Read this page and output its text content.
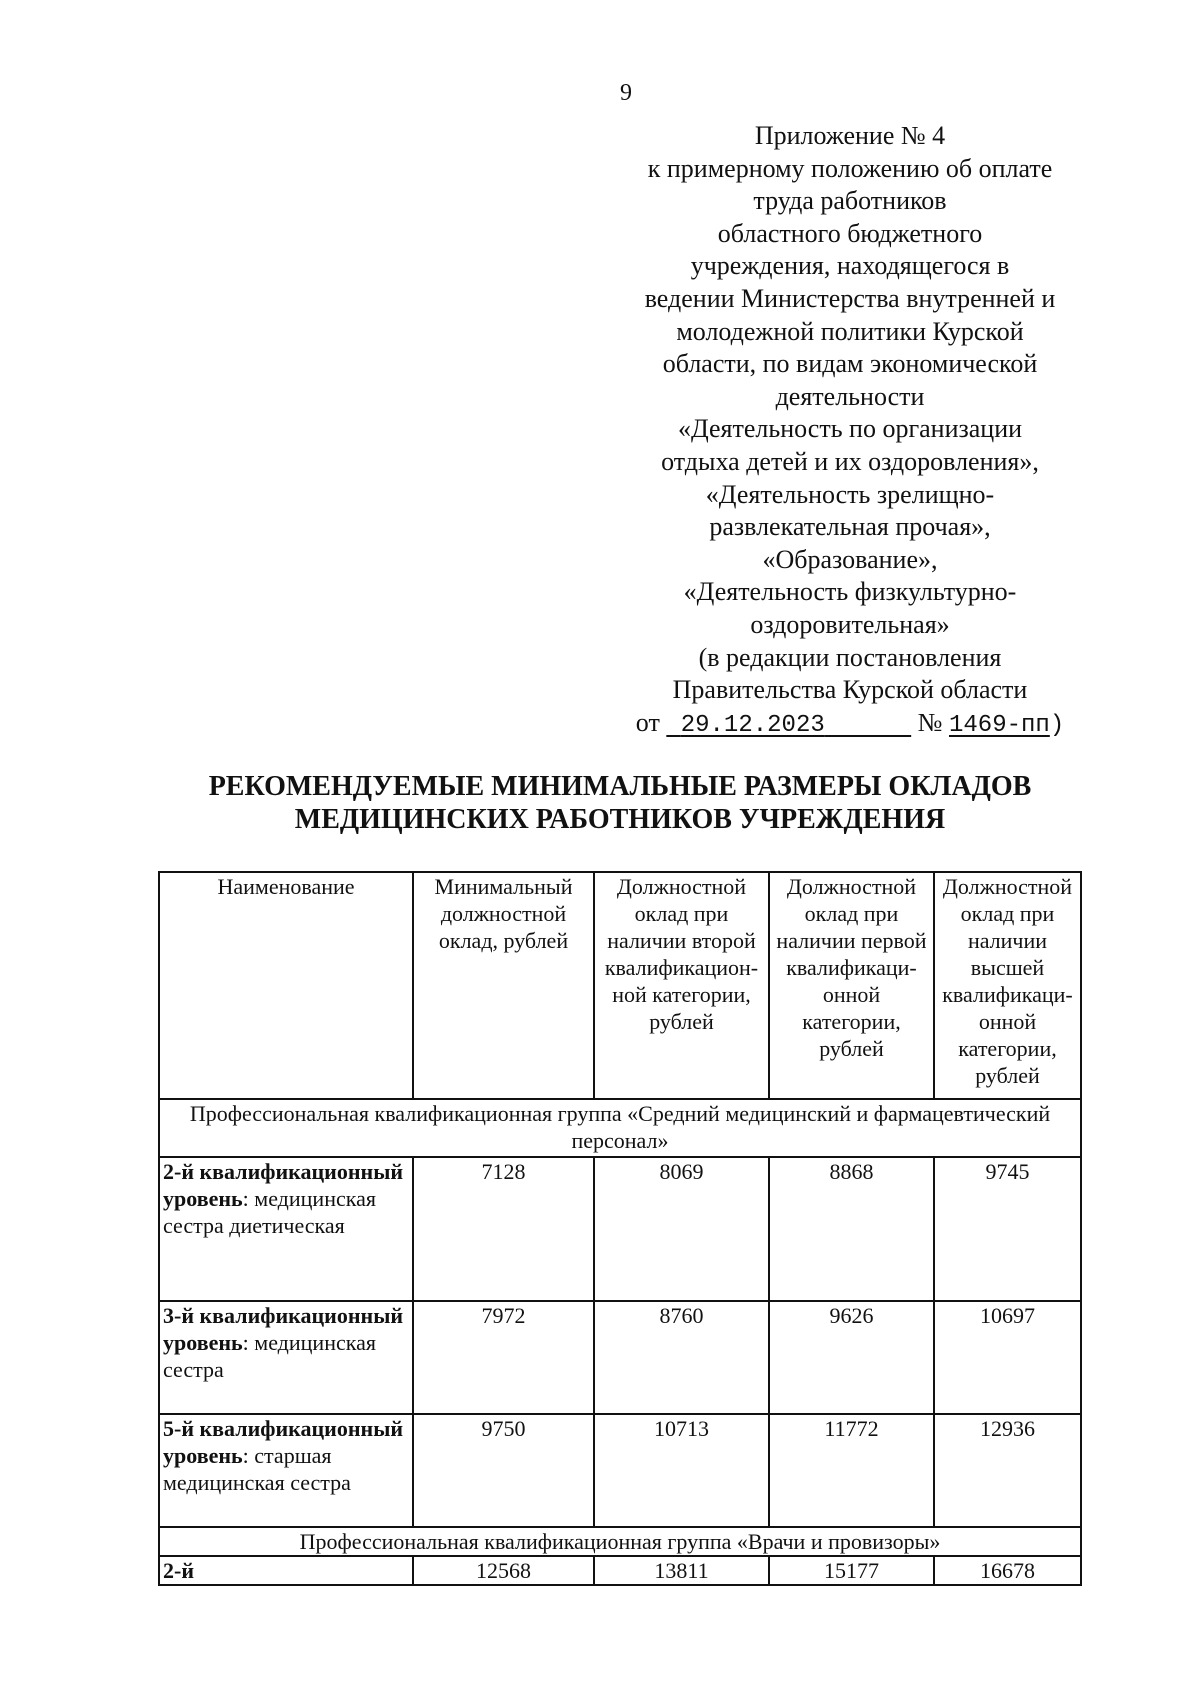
9
Приложение № 4
к примерному положению об оплате
труда работников
областного бюджетного
учреждения, находящегося в
ведении Министерства внутренней и
молодежной политики Курской
области, по видам экономической
деятельности
«Деятельность по организации
отдыха детей и их оздоровления»,
«Деятельность зрелищно-
развлекательная прочая»,
«Образование»,
«Деятельность физкультурно-
оздоровительная»
(в редакции постановления
Правительства Курской области
от 29.12.2023	№ 1469-пп)
РЕКОМЕНДУЕМЫЕ МИНИМАЛЬНЫЕ РАЗМЕРЫ ОКЛАДОВ
МЕДИЦИНСКИХ РАБОТНИКОВ УЧРЕЖДЕНИЯ
Наименование	Минимальный должностной оклад, рублей	Должностной оклад при наличии второй квалификацион-ной категории, рублей	Должностной оклад при наличии первой квалификаци-онной категории, рублей	Должностной оклад при наличии высшей квалификаци-онной категории, рублей
Профессиональная квалификационная группа «Средний медицинский и фармацевтический персонал»				
2-й квалификационный уровень: медицинская сестра диетическая	7128	8069	8868	9745
3-й квалификационный уровень: медицинская сестра	7972	8760	9626	10697
5-й квалификационный уровень: старшая медицинская сестра	9750	10713	11772	12936
Профессиональная квалификационная группа «Врачи и провизоры»				
2-й	12568	13811	15177	16678
